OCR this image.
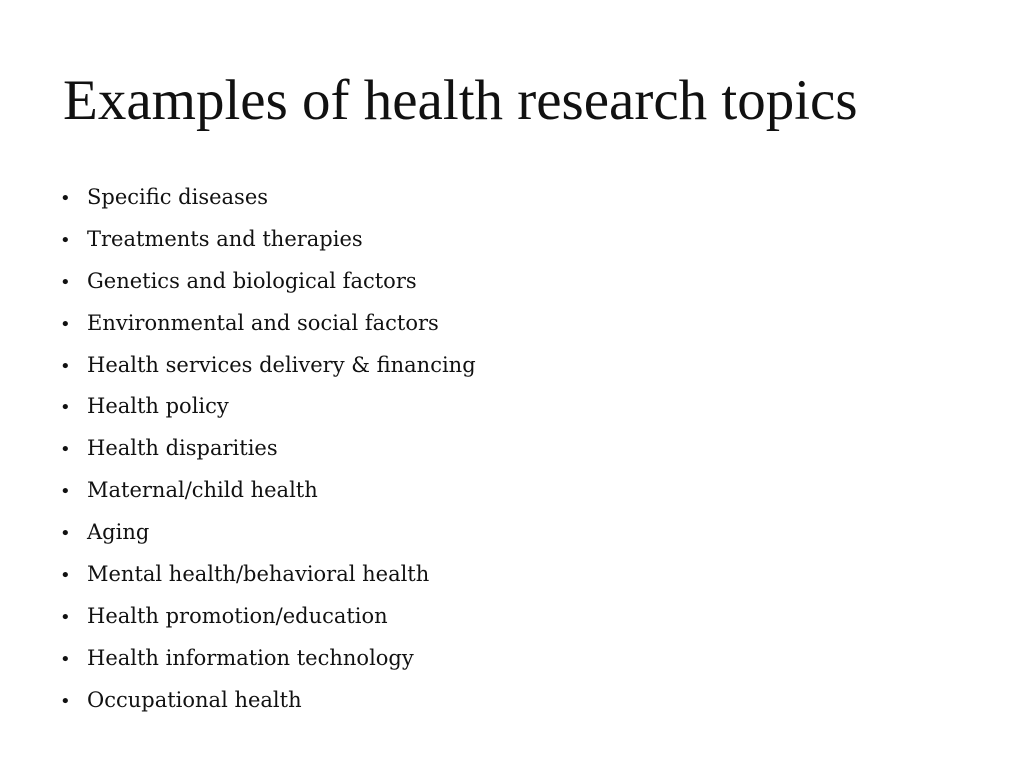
Examples of health research topics
• Specific diseases
• Treatments and therapies
• Genetics and biological factors
• Environmental and social factors
• Health services delivery & financing
• Health policy
• Health disparities
• Maternal/child health
• Aging
• Mental health/behavioral health
• Health promotion/education
• Health information technology
• Occupational health
